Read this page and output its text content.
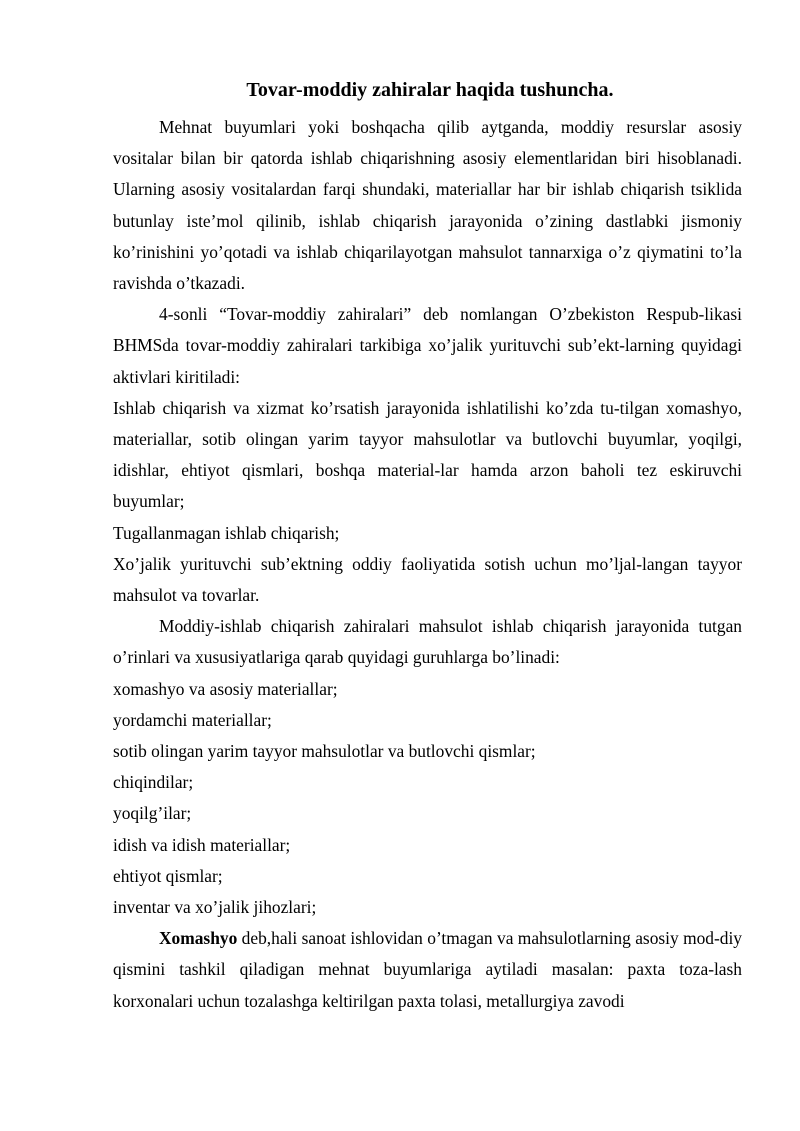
Tovar-moddiy zahiralar haqida tushuncha.

Mehnat buyumlari yoki boshqacha qilib aytganda, moddiy resurslar asosiy vositalar bilan bir qatorda ishlab chiqarishning asosiy elementlaridan biri hisoblanadi. Ularning asosiy vositalardan farqi shundaki, materiallar har bir ishlab chiqarish tsiklida butunlay iste’mol qilinib, ishlab chiqarish jarayonida o’zining dastlabki jismoniy ko’rinishini yo’qotadi va ishlab chiqarilayotgan mahsulot tannarxiga o’z qiymatini to’la ravishda o’tkazadi.

4-sonli “Tovar-moddiy zahiralari” deb nomlangan O’zbekiston Respub-likasi BHMSda tovar-moddiy zahiralari tarkibiga xo’jalik yurituvchi sub’ekt-larning quyidagi aktivlari kiritiladi:

Ishlab chiqarish va xizmat ko’rsatish jarayonida ishlatilishi ko’zda tu-tilgan xomashyo, materiallar, sotib olingan yarim tayyor mahsulotlar va butlovchi buyumlar, yoqilgi, idishlar, ehtiyot qismlari, boshqa material-lar hamda arzon baholi tez eskiruvchi buyumlar;

Tugallanmagan ishlab chiqarish;

Xo’jalik yurituvchi sub’ektning oddiy faoliyatida sotish uchun mo’ljal-langan tayyor mahsulot va tovarlar.

Moddiy-ishlab chiqarish zahiralari mahsulot ishlab chiqarish jarayonida tutgan o’rinlari va xususiyatlariga qarab quyidagi guruhlarga bo’linadi:

xomashyo va asosiy materiallar;

yordamchi materiallar;

sotib olingan yarim tayyor mahsulotlar va butlovchi qismlar;

chiqindilar;

yoqilg’ilar;

idish va idish materiallar;

ehtiyot qismlar;

inventar va xo’jalik jihozlari;

Xomashyo deb,hali sanoat ishlovidan o’tmagan va mahsulotlarning asosiy mod-diy qismini tashkil qiladigan mehnat buyumlariga aytiladi masalan: paxta toza-lash korxonalari uchun tozalashga keltirilgan paxta tolasi, metallurgiya zavodi
